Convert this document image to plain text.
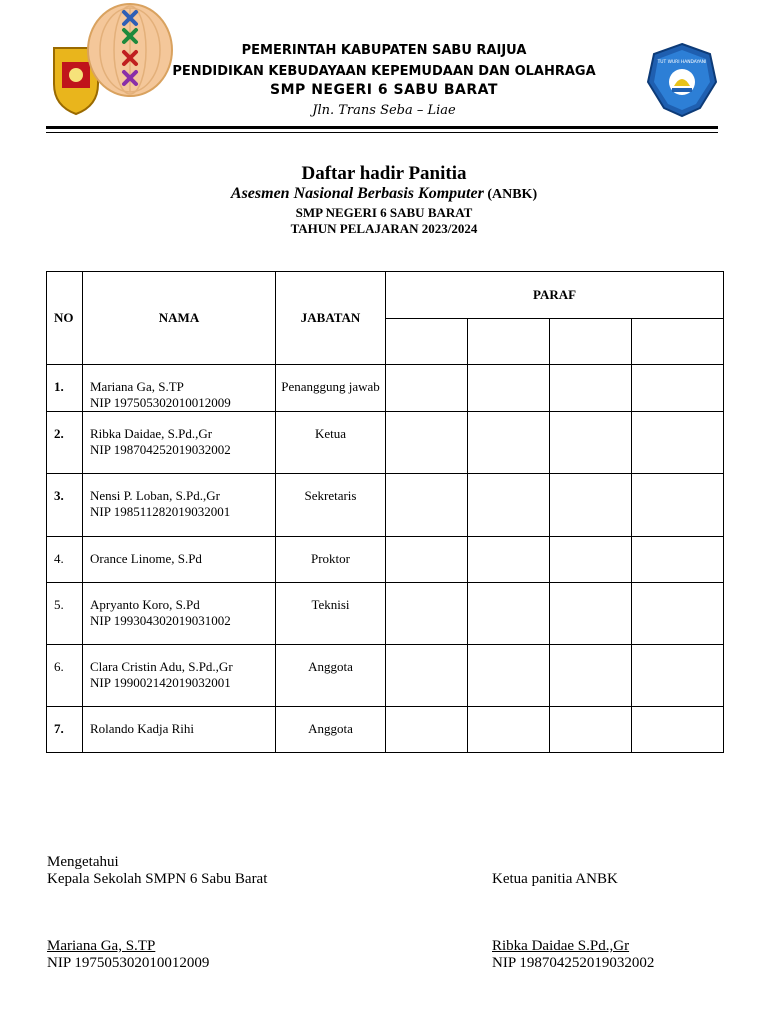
TUT WURI HANDAYANI
PEMERINTAH KABUPATEN SABU RAIJUA
PENDIDIKAN KEBUDAYAAN KEPEMUDAAN DAN OLAHRAGA
SMP NEGERI 6 SABU BARAT
Jln. Trans Seba – Liae
Daftar hadir Panitia
Asesmen Nasional Berbasis Komputer (ANBK)
SMP NEGERI 6 SABU BARAT
TAHUN PELAJARAN 2023/2024
NO	NAMA	JABATAN	PARAF			

1.	Mariana Ga, S.TP
NIP 197505302010012009	Penanggung jawab				
2.	Ribka Daidae, S.Pd.,Gr
NIP 198704252019032002	Ketua				
3.	Nensi P. Loban, S.Pd.,Gr
NIP 198511282019032001	Sekretaris				
4.	Orance Linome, S.Pd	Proktor				
5.	Apryanto Koro, S.Pd
NIP 199304302019031002	Teknisi				
6.	Clara Cristin Adu, S.Pd.,Gr
NIP 199002142019032001	Anggota				
7.	Rolando Kadja Rihi	Anggota				
Mengetahui
Kepala Sekolah SMPN 6 Sabu Barat
Mariana Ga, S.TP
NIP 197505302010012009
Ketua panitia ANBK
Ribka Daidae S.Pd.,Gr
NIP 198704252019032002
